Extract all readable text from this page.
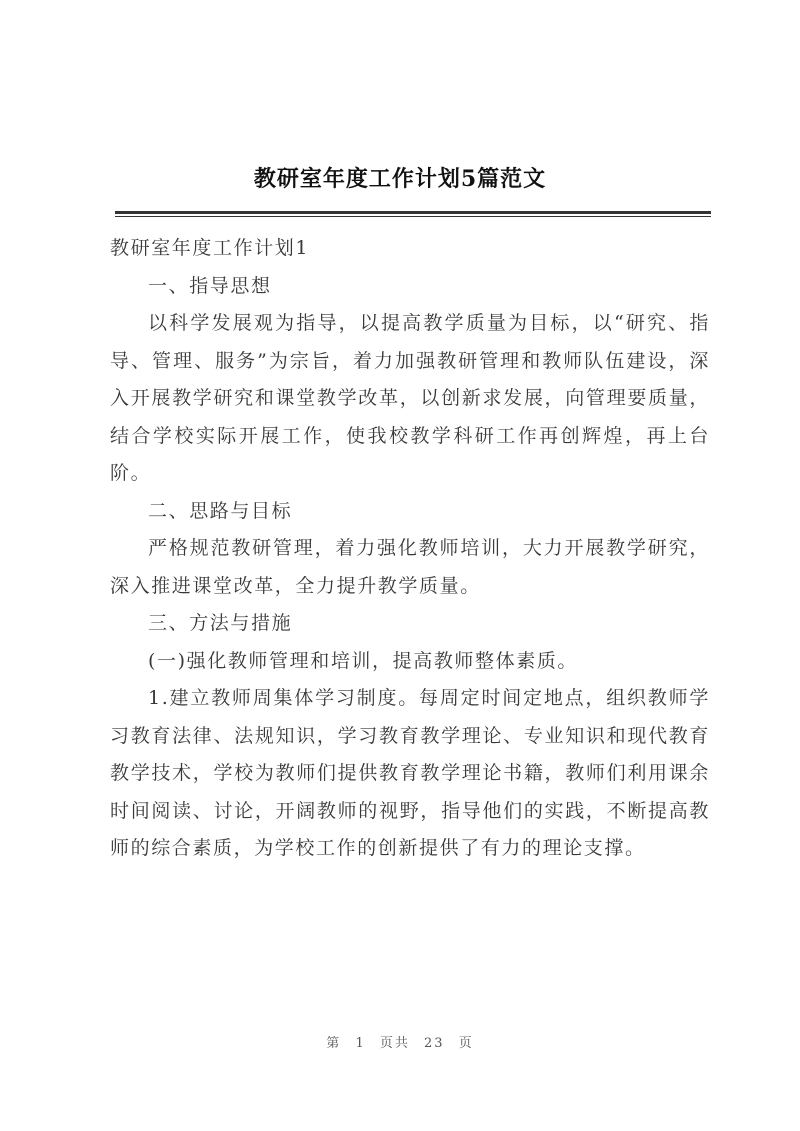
教研室年度工作计划5篇范文

教研室年度工作计划1

一、指导思想

以科学发展观为指导，以提高教学质量为目标，以“研究、指导、管理、服务”为宗旨，着力加强教研管理和教师队伍建设，深入开展教学研究和课堂教学改革，以创新求发展，向管理要质量，结合学校实际开展工作，使我校教学科研工作再创辉煌，再上台阶。

二、思路与目标

严格规范教研管理，着力强化教师培训，大力开展教学研究，深入推进课堂改革，全力提升教学质量。

三、方法与措施

(一)强化教师管理和培训，提高教师整体素质。

1.建立教师周集体学习制度。每周定时间定地点，组织教师学习教育法律、法规知识，学习教育教学理论、专业知识和现代教育教学技术，学校为教师们提供教育教学理论书籍，教师们利用课余时间阅读、讨论，开阔教师的视野，指导他们的实践，不断提高教师的综合素质，为学校工作的创新提供了有力的理论支撑。

第 1 页共 23 页
